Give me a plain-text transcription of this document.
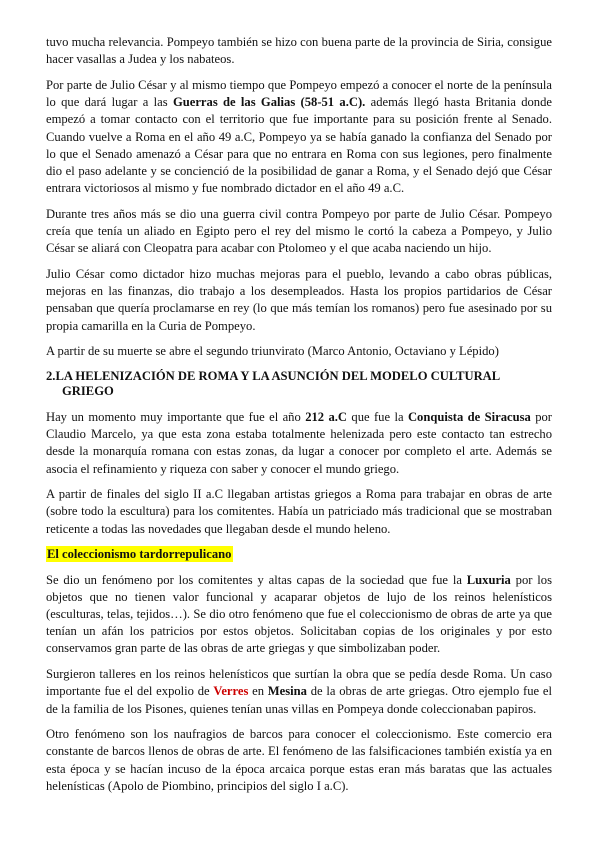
tuvo mucha relevancia. Pompeyo también se hizo con buena parte de la provincia de Siria, consigue hacer vasallas a Judea y los nabateos.

Por parte de Julio César y al mismo tiempo que Pompeyo empezó a conocer el norte de la península lo que dará lugar a las Guerras de las Galias (58-51 a.C). además llegó hasta Britania donde empezó a tomar contacto con el territorio que fue importante para su posición frente al Senado. Cuando vuelve a Roma en el año 49 a.C, Pompeyo ya se había ganado la confianza del Senado por lo que el Senado amenazó a César para que no entrara en Roma con sus legiones, pero finalmente dio el paso adelante y se concienció de la posibilidad de ganar a Roma, y el Senado dejó que César entrara victoriosos al mismo y fue nombrado dictador en el año 49 a.C.

Durante tres años más se dio una guerra civil contra Pompeyo por parte de Julio César. Pompeyo creía que tenía un aliado en Egipto pero el rey del mismo le cortó la cabeza a Pompeyo, y Julio César se aliará con Cleopatra para acabar con Ptolomeo y el que acaba naciendo un hijo.

Julio César como dictador hizo muchas mejoras para el pueblo, levando a cabo obras públicas, mejoras en las finanzas, dio trabajo a los desempleados. Hasta los propios partidarios de César pensaban que quería proclamarse en rey (lo que más temían los romanos) pero fue asesinado por su propia camarilla en la Curia de Pompeyo.

A partir de su muerte se abre el segundo triunvirato (Marco Antonio, Octaviano y Lépido)

2.LA HELENIZACIÓN DE ROMA Y LA ASUNCIÓN DEL MODELO CULTURAL GRIEGO

Hay un momento muy importante que fue el año 212 a.C que fue la Conquista de Siracusa por Claudio Marcelo, ya que esta zona estaba totalmente helenizada pero este contacto tan estrecho desde la monarquía romana con estas zonas, da lugar a conocer por completo el arte. Además se asocia el refinamiento y riqueza con saber y conocer el mundo griego.

A partir de finales del siglo II a.C llegaban artistas griegos a Roma para trabajar en obras de arte (sobre todo la escultura) para los comitentes. Había un patriciado más tradicional que se mostraban reticente a todas las novedades que llegaban desde el mundo heleno.

El coleccionismo tardorrepulicano

Se dio un fenómeno por los comitentes y altas capas de la sociedad que fue la Luxuria por los objetos que no tienen valor funcional y acaparar objetos de lujo de los reinos helenísticos (esculturas, telas, tejidos…). Se dio otro fenómeno que fue el coleccionismo de obras de arte ya que tenían un afán los patricios por estos objetos. Solicitaban copias de los originales y por esto conservamos gran parte de las obras de arte griegas y que simbolizaban poder.

Surgieron talleres en los reinos helenísticos que surtían la obra que se pedía desde Roma. Un caso importante fue el del expolio de Verres en Mesina de la obras de arte griegas. Otro ejemplo fue el de la familia de los Pisones, quienes tenían unas villas en Pompeya donde coleccionaban papiros.

Otro fenómeno son los naufragios de barcos para conocer el coleccionismo. Este comercio era constante de barcos llenos de obras de arte. El fenómeno de las falsificaciones también existía ya en esta época y se hacían incuso de la época arcaica porque estas eran más baratas que las actuales helenísticas (Apolo de Piombino, principios del siglo I a.C).
